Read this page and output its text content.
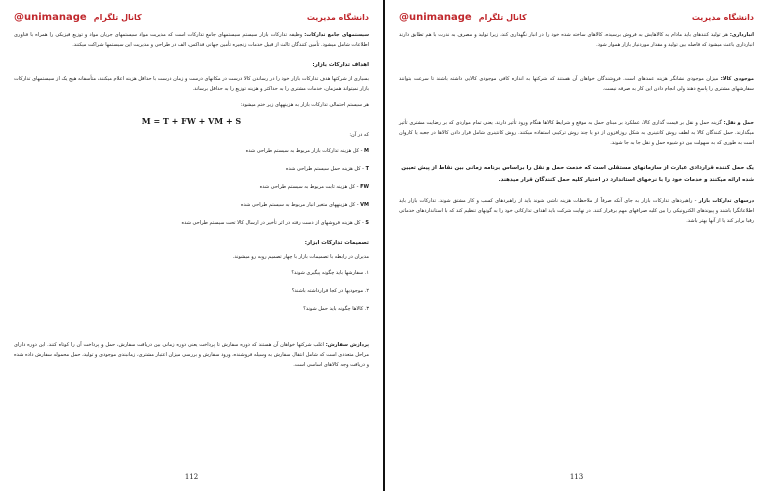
دانشگاه مدیریت
@unimanage کانال تلگرام

سیستمهای جامع تدارکات: وظیفه تدارکات بازار سیستم سیستمهای جامع تدارکات است که مدیریت مواد سیستمهای جریان مواد و توزیع فیزیکی را همراه با فناوری اطلاعات شامل میشود. تأمین کنندگان ثالث از قبیل خدمات زنجیره تأمین جهانی فداکس، الف در طراحی و مدیریت این سیستمها شراکت میکنند.

اهداف تدارکات بازار:

بسیاری از شرکتها هدف تدارکات بازار خود را در رساندن کالا درست در مکانهای درست و زمان درست با حداقل هزینه اعلام میکنند، متأسفانه هیچ یک از سیستمهای تدارکات بازار نمیتواند همزمان، خدمات مشتری را به حداکثر و هزینه توزیع را به حداقل برساند.

هر سیستم احتمالی تدارکات بازار به هزینههای زیر ختم میشود:

M = T + FW + VM + S

که در آن:

M - کل هزینه تدارکات بازار مربوط به سیستم طراحی شده
T - کل هزینه حمل سیستم طراحی شده
FW - کل هزینه ثابت مربوط به سیستم طراحی شده
VM - کل هزینههای متغیر انبار مربوط به سیستم طراحی شده
S - کل هزینه فروشهای از دست رفته در اثر تأخیر در ارسال کالا تحت سیستم طراحی شده
تصمیمات تدارکات ابزار:

مدیران در رابطه با تصمیمات بازار با چهار تصمیم روبه رو میشوند.

۱. سفارشها باید چگونه پیگیری شوند؟
۲. موجودیها در کجا قرارداشته باشند؟
۳. کالاها چگونه باید حمل شوند؟

پردازش سفارش: اغلب شرکتها خواهان آن هستند که دوره سفارش تا پرداخت یعنی دوره زمانی بین دریافت سفارش، حمل و پرداخت آن را کوتاه کنند. این دوره دارای مراحل متعددی است که شامل انتقال سفارش به وسیله فروشنده، ورود سفارش و بررسی میزان اعتبار مشتری، زمانبندی موجودی و تولید، حمل محموله سفارش داده شده و دریافت وجه کالاهای اساسی است.

112
دانشگاه مدیریت
@unimanage کانال تلگرام

انبارداری: هر تولید کنندهای باید مادام به کالاهایش به فروش برسیده، کالاهای ساخته شده خود را در انبار نگهداری کند، زیرا تولید و مصرف به ندرت با هم تطابق دارند انبارداری باعث میشود که فاصله بین تولید و مقدار موردنیاز بازار هموار شود.

موجودی کالا: میزان موجودی نشانگر هزینه عمدهای است. فروشندگان خواهان آن هستند که شرکتها به اندازه کافی موجودی کالایی داشته باشند تا سرعت بتوانند سفارشهای مشتری را پاسخ دهند ولی انجام دادن این کار به صرفه نیست.

حمل و نقل: گزینه حمل و نقل بر قیمت گذاری کالا، عملکرد بر مبنای حمل به موقع و شرایط کالاها هنگام ورود تأثیر دارند. یعنی تمام مواردی که بر رضایت مشتری تأثیر میگذارند. حمل کنندگان کالا به لطف روش کانتینری به شکل روزافزون از دو یا چند روش ترکیبی استفاده میکنند. روش کانتینری شامل قرار دادن کالاها در جعبه یا کاروان است به طوری که به سهولت بین دو شیوه حمل و نقل جا به جا شوند.

یک حمل کننده قراردادی عبارت از سازمانهای مستقلی است که خدمت حمل و نقل را براساس برنامه زمانی بین نقاط از پیش تعیین شده ارائه میکنند و خدمات خود را با نرخهای استاندارد در اختیار کلیه حمل کنندگان قرار میدهند.

درسهای تدارکات بازار - راهبردهای تدارکات بازار به جای آنکه صرفاً از ملاحظات هزینه ناشی شوند باید از راهبردهای کسب و کار مشتق شوند. تدارکات بازار باید اطلاعاتگرا باشند و پیوندهای الکترونیکی را بین کلیه صرافهای مهم برقرار کنند. در نهایت شرکت باید اهداف تدارکاتی خود را به گونهای تنظیم کند که با استانداردهای خدماتی رقبا برابر کند یا از آنها بهتر باشد.

113
